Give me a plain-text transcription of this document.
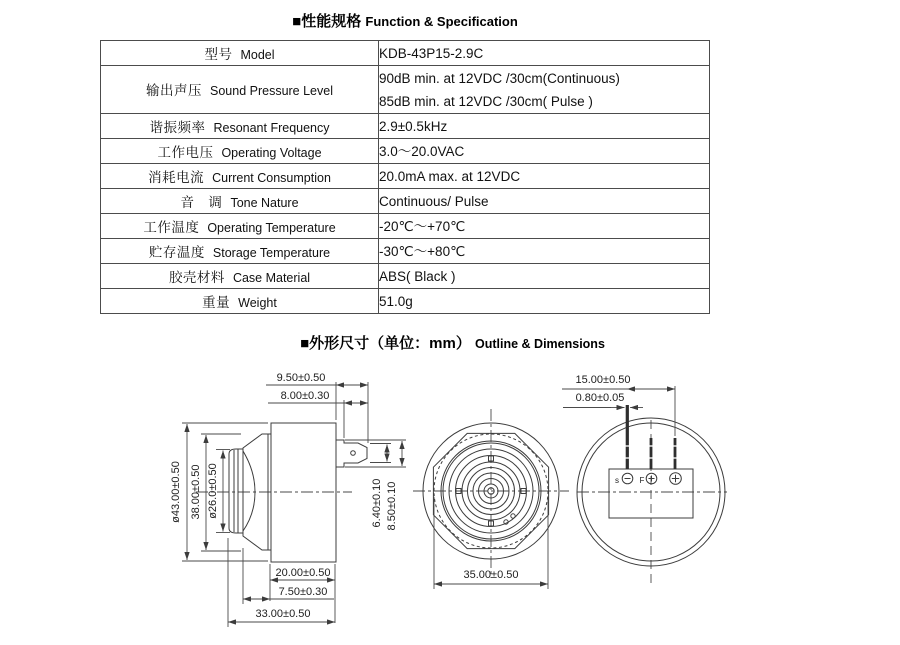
■性能规格 Function & Specification
型号 Model	KDB-43P15-2.9C

输出声压 Sound Pressure Level	90dB min. at 12VDC /30cm(Continuous)
85dB min. at 12VDC /30cm( Pulse )

谐振频率 Resonant Frequency	2.9±0.5kHz

工作电压 Operating Voltage	3.0～20.0VAC

消耗电流 Current Consumption	20.0mA max. at 12VDC

音　调 Tone Nature	Continuous/ Pulse

工作温度 Operating Temperature	-20℃～+70℃

贮存温度 Storage Temperature	-30℃～+80℃

胶壳材料 Case Material	ABS( Black )

重量 Weight	51.0g
■外形尺寸（单位：mm） Outline & Dimensions
ø43.00±0.50 38.00±0.50 ø26.0±0.50
9.50±0.50
8.00±0.30
6.40±0.10 8.50±0.10
20.00±0.50
7.50±0.30
33.00±0.50
35.00±0.50
s	F
15.00±0.50
0.80±0.05
